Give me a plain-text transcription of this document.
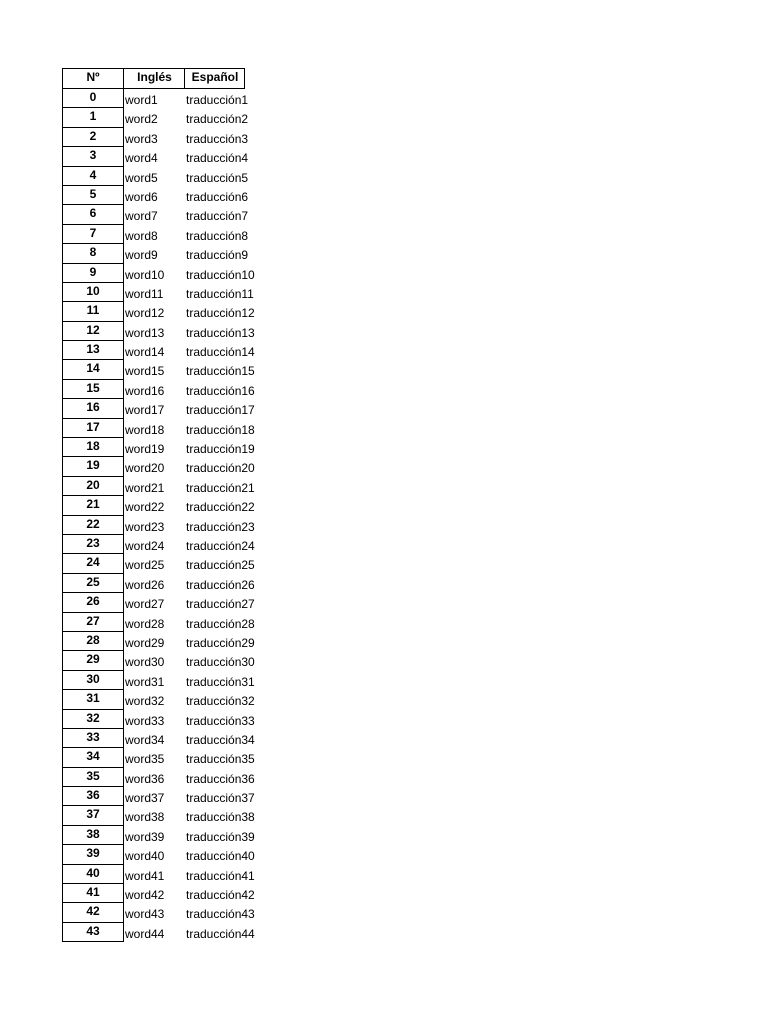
Nº	Inglés	Español
0	word1	traducción1
1	word2	traducción2
2	word3	traducción3
3	word4	traducción4
4	word5	traducción5
5	word6	traducción6
6	word7	traducción7
7	word8	traducción8
8	word9	traducción9
9	word10	traducción10
10	word11	traducción11
11	word12	traducción12
12	word13	traducción13
13	word14	traducción14
14	word15	traducción15
15	word16	traducción16
16	word17	traducción17
17	word18	traducción18
18	word19	traducción19
19	word20	traducción20
20	word21	traducción21
21	word22	traducción22
22	word23	traducción23
23	word24	traducción24
24	word25	traducción25
25	word26	traducción26
26	word27	traducción27
27	word28	traducción28
28	word29	traducción29
29	word30	traducción30
30	word31	traducción31
31	word32	traducción32
32	word33	traducción33
33	word34	traducción34
34	word35	traducción35
35	word36	traducción36
36	word37	traducción37
37	word38	traducción38
38	word39	traducción39
39	word40	traducción40
40	word41	traducción41
41	word42	traducción42
42	word43	traducción43
43	word44	traducción44
